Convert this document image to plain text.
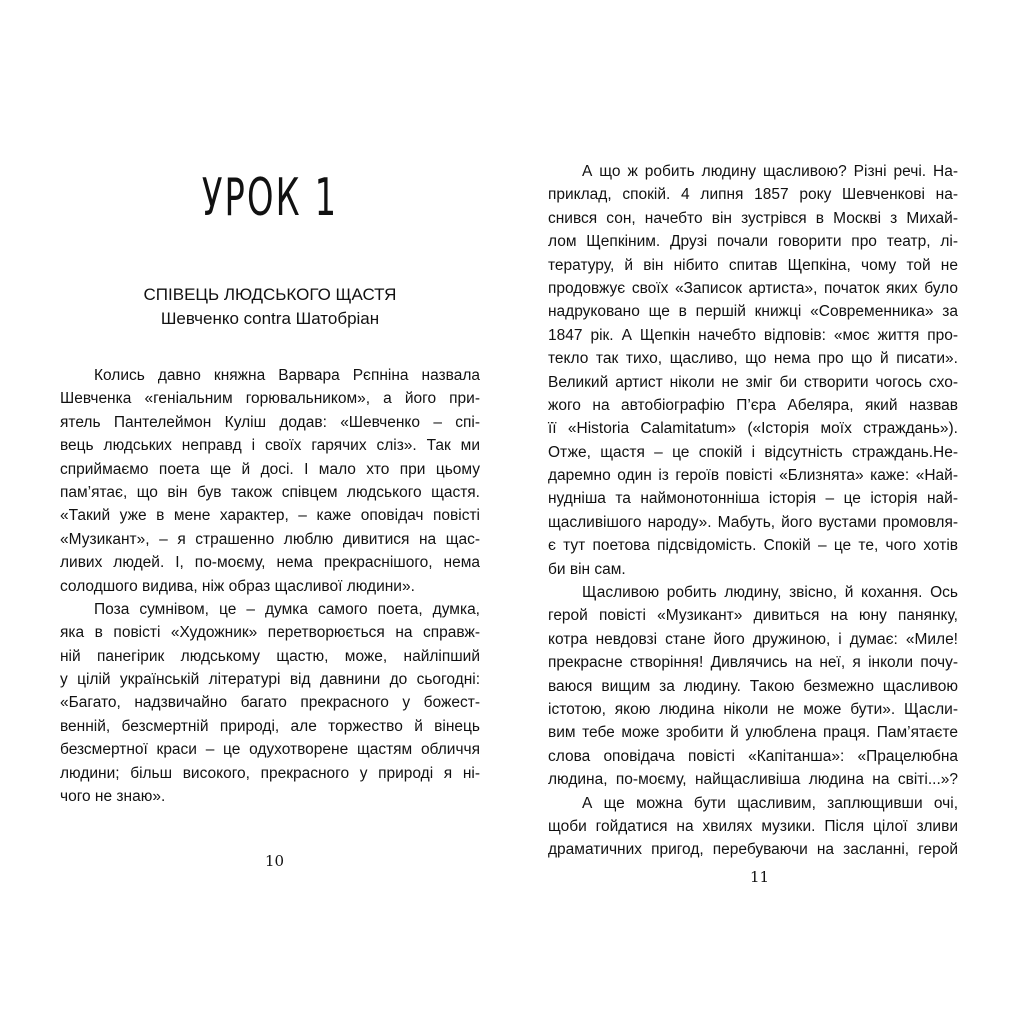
УРОК 1
СПІВЕЦЬ ЛЮДСЬКОГО ЩАСТЯ
Шевченко contra Шатобріан
Колись давно княжна Варвара Рєпніна назвала
Шевченка «геніальним горювальником», а його при-
ятель Пантелеймон Куліш додав: «Шевченко – спі-
вець людських неправд і своїх гарячих сліз». Так ми
сприймаємо поета ще й досі. І мало хто при цьому
пам’ятає, що він був також співцем людського щастя.
«Такий уже в мене характер, – каже оповідач повісті
«Музикант», – я страшенно люблю дивитися на щас-
ливих людей. І, по-моєму, нема прекраснішого, нема
солодшого видива, ніж образ щасливої людини».
Поза сумнівом, це – думка самого поета, думка,
яка в повісті «Художник» перетворюється на справж-
ній панегірик людському щастю, може, найліпший
у цілій українській літературі від давнини до сьогодні:
«Багато, надзвичайно багато прекрасного у божест-
венній, безсмертній природі, але торжество й вінець
безсмертної краси – це одухотворене щастям обличчя
людини; більш високого, прекрасного у природі я ні-
чого не знаю».
10
А що ж робить людину щасливою? Різні речі. На-
приклад, спокій. 4 липня 1857 року Шевченкові на-
снився сон, начебто він зустрівся в Москві з Михай-
лом Щепкіним. Друзі почали говорити про театр, лі-
тературу, й він нібито спитав Щепкіна, чому той не
продовжує своїх «Записок артиста», початок яких було
надруковано ще в першій книжці «Современника» за
1847 рік. А Щепкін начебто відповів: «моє життя про-
текло так тихо, щасливо, що нема про що й писати».
Великий артист ніколи не зміг би створити чогось схо-
жого на автобіографію П’єра Абеляра, який назвав
її «Historia Calamitatum» («Історія моїх страждань»).
Отже, щастя – це спокій і відсутність страждань.Не-
даремно один із героїв повісті «Близнята» каже: «Най-
нудніша та наймонотонніша історія – це історія най-
щасливішого народу». Мабуть, його вустами промовля-
є тут поетова підсвідомість. Спокій – це те, чого хотів
би він сам.
Щасливою робить людину, звісно, й кохання. Ось
герой повісті «Музикант» дивиться на юну панянку,
котра невдовзі стане його дружиною, і думає: «Миле!
прекрасне створіння! Дивлячись на неї, я інколи почу-
ваюся вищим за людину. Такою безмежно щасливою
істотою, якою людина ніколи не може бути». Щасли-
вим тебе може зробити й улюблена праця. Пам’ятаєте
слова оповідача повісті «Капітанша»: «Працелюбна
людина, по-моєму, найщасливіша людина на світі...»?
А ще можна бути щасливим, заплющивши очі,
щоби гойдатися на хвилях музики. Після цілої зливи
драматичних пригод, перебуваючи на засланні, герой
11
